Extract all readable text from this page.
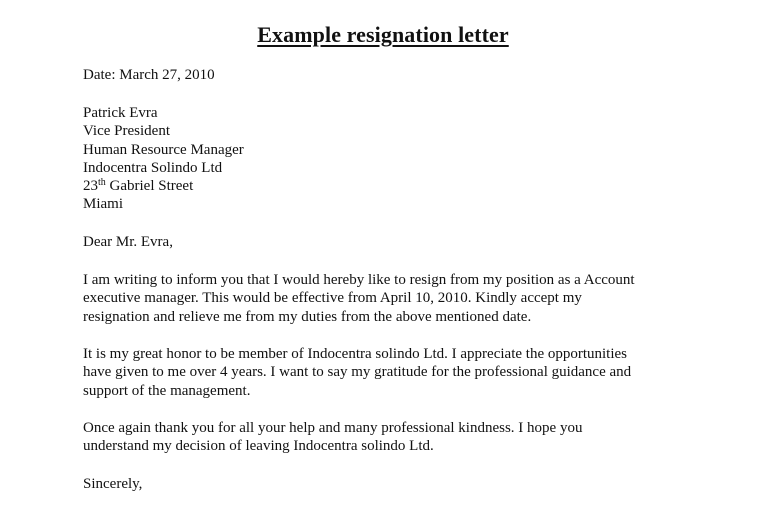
Example resignation letter
Date: March 27, 2010
Patrick Evra
Vice President
Human Resource Manager
Indocentra Solindo Ltd
23th Gabriel Street
Miami
Dear Mr. Evra,
I am writing to inform you that I would hereby like to resign from my position as a Account
executive manager. This would be effective from April 10, 2010. Kindly accept my
resignation and relieve me from my duties from the above mentioned date.
It is my great honor to be member of Indocentra solindo Ltd. I appreciate the opportunities
have given to me over 4 years. I want to say my gratitude for the professional guidance and
support of the management.
Once again thank you for all your help and many professional kindness. I hope you
understand my decision of leaving Indocentra solindo Ltd.
Sincerely,
